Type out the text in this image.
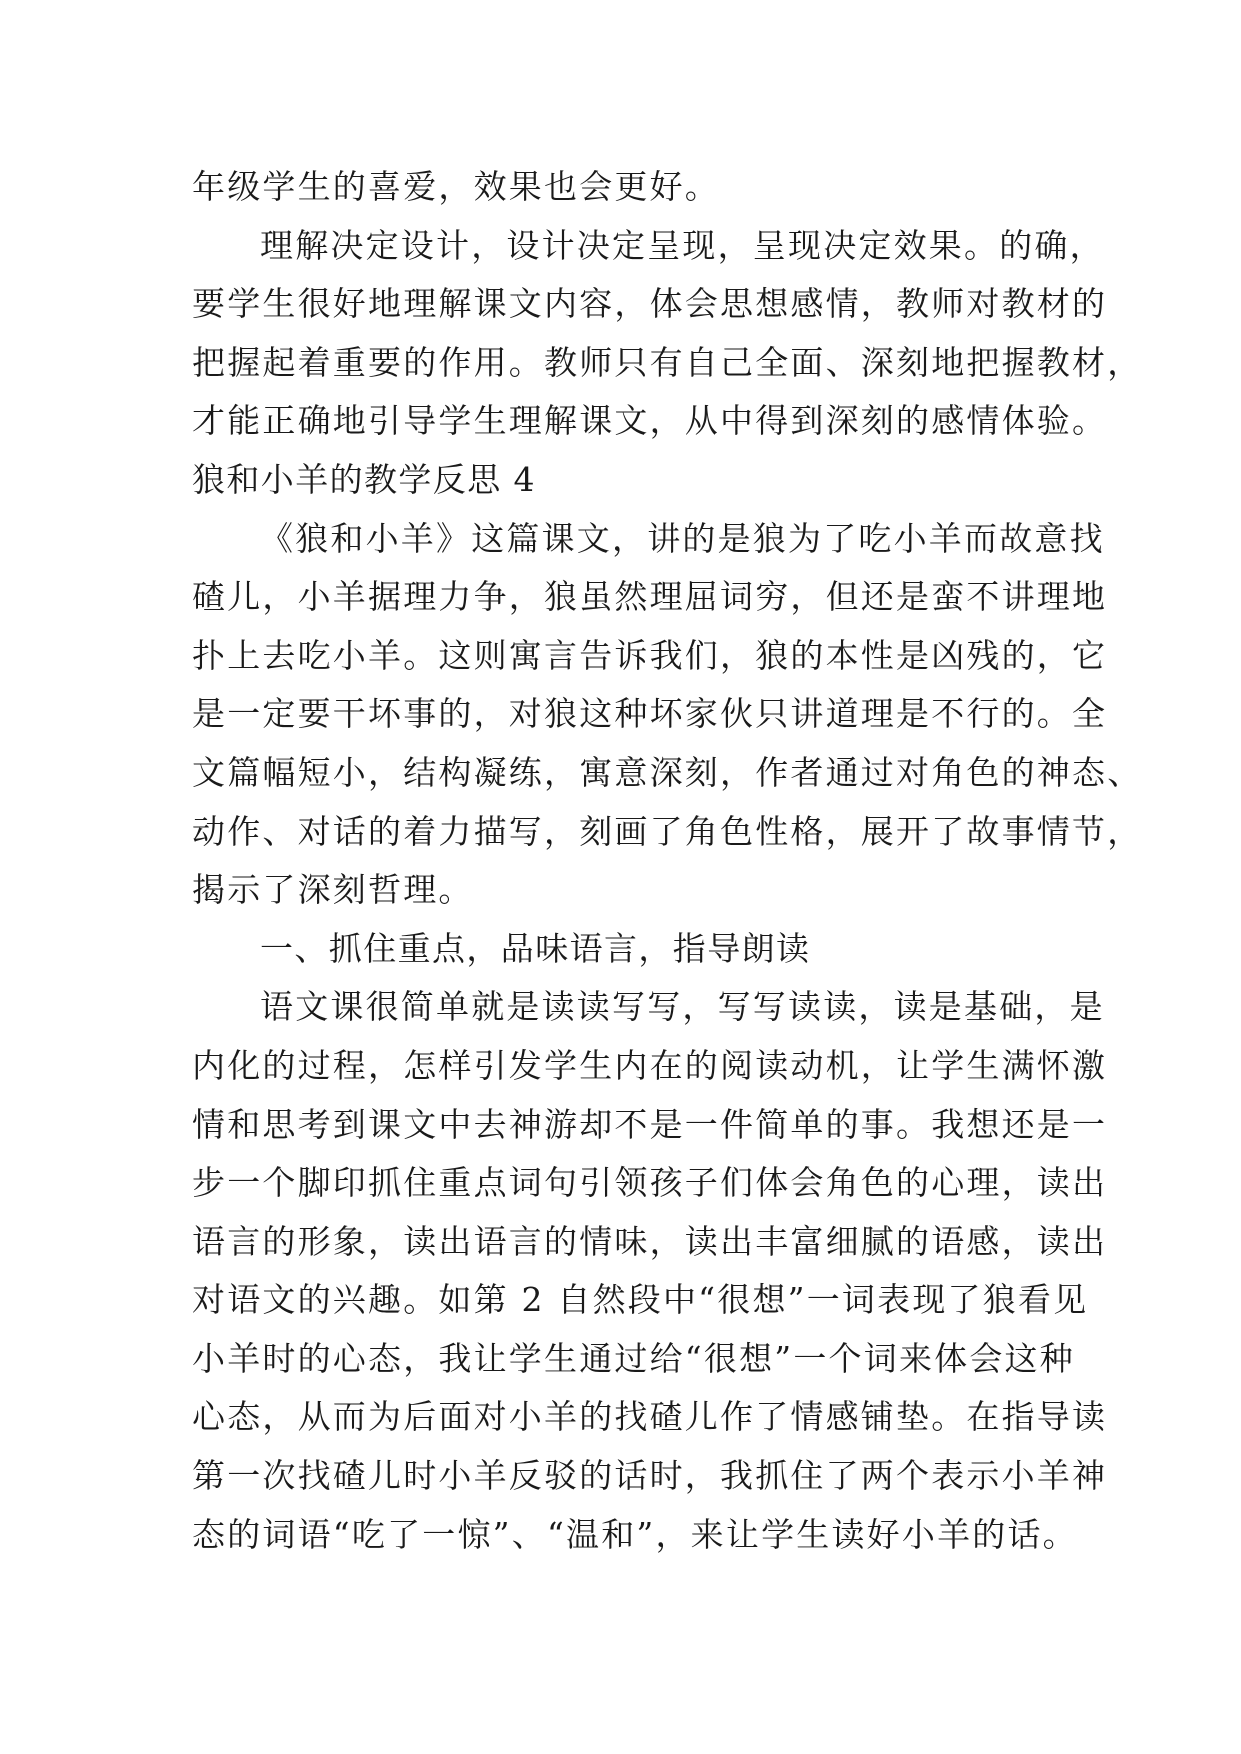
年级学生的喜爱，效果也会更好。
理解决定设计，设计决定呈现，呈现决定效果。的确，
要学生很好地理解课文内容，体会思想感情，教师对教材的
把握起着重要的作用。教师只有自己全面、深刻地把握教材，
才能正确地引导学生理解课文，从中得到深刻的感情体验。
狼和小羊的教学反思 4
《狼和小羊》这篇课文，讲的是狼为了吃小羊而故意找
碴儿，小羊据理力争，狼虽然理屈词穷，但还是蛮不讲理地
扑上去吃小羊。这则寓言告诉我们，狼的本性是凶残的，它
是一定要干坏事的，对狼这种坏家伙只讲道理是不行的。全
文篇幅短小，结构凝练，寓意深刻，作者通过对角色的神态、
动作、对话的着力描写，刻画了角色性格，展开了故事情节，
揭示了深刻哲理。
一、抓住重点，品味语言，指导朗读
语文课很简单就是读读写写，写写读读，读是基础，是
内化的过程，怎样引发学生内在的阅读动机，让学生满怀激
情和思考到课文中去神游却不是一件简单的事。我想还是一
步一个脚印抓住重点词句引领孩子们体会角色的心理，读出
语言的形象，读出语言的情味，读出丰富细腻的语感，读出
对语文的兴趣。如第 2 自然段中“很想”一词表现了狼看见
小羊时的心态，我让学生通过给“很想”一个词来体会这种
心态，从而为后面对小羊的找碴儿作了情感铺垫。在指导读
第一次找碴儿时小羊反驳的话时，我抓住了两个表示小羊神
态的词语“吃了一惊”、“温和”，来让学生读好小羊的话。
